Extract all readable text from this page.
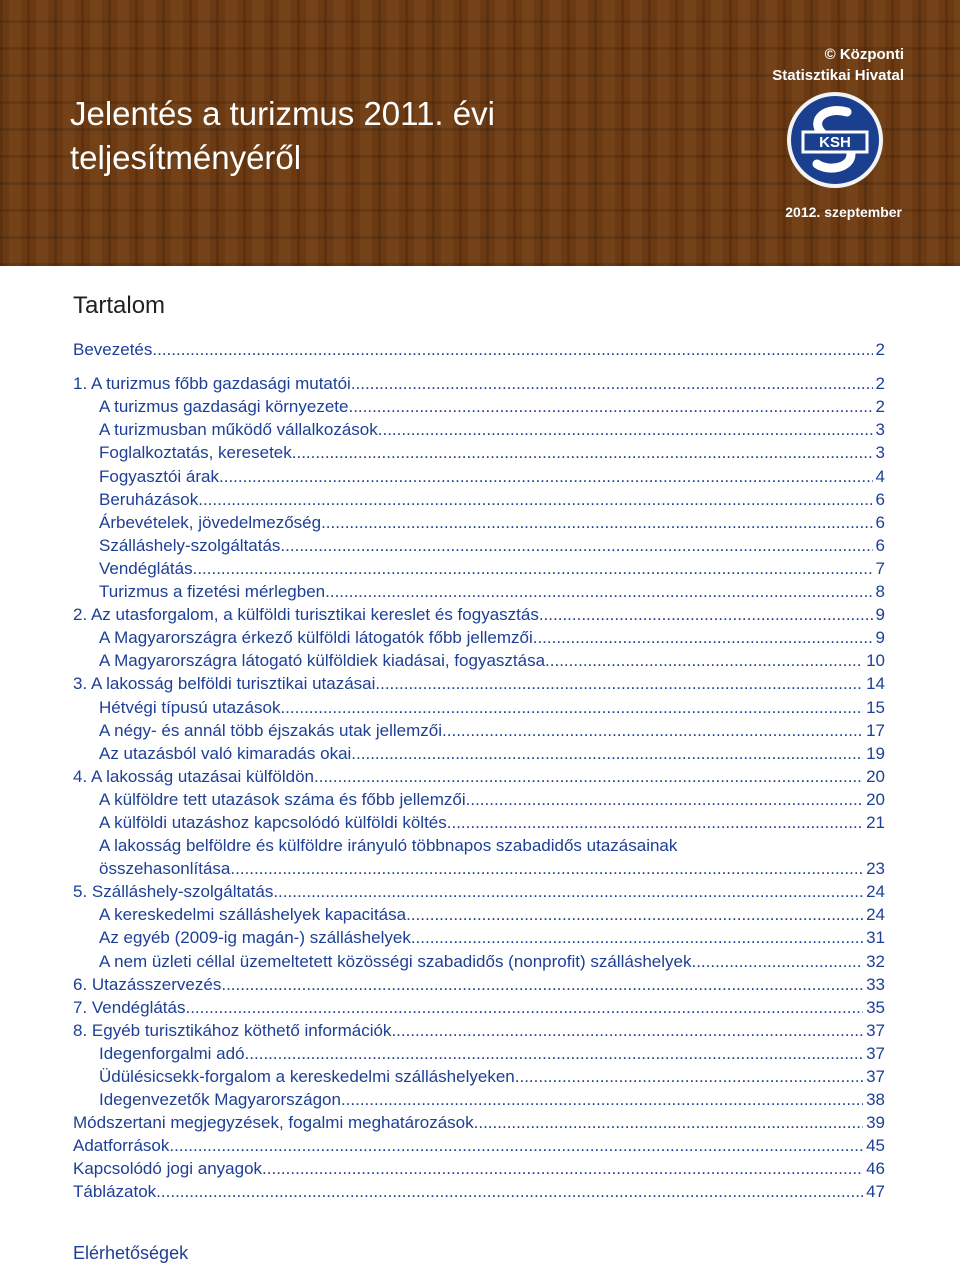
Jelentés a turizmus 2011. évi
teljesítményéről
© Központi
Statisztikai Hivatal
KSH
2012. szeptember
Tartalom
Bevezetés .....	2
1. A turizmus főbb gazdasági mutatói .....	2
A turizmus gazdasági környezete .....	2
A turizmusban működő vállalkozások .....	3
Foglalkoztatás, keresetek .....	3
Fogyasztói árak .....	4
Beruházások .....	6
Árbevételek, jövedelmezőség .....	6
Szálláshely-szolgáltatás .....	6
Vendéglátás .....	7
Turizmus a fizetési mérlegben .....	8
2. Az utasforgalom, a külföldi turisztikai kereslet és fogyasztás .....	9
A Magyarországra érkező külföldi látogatók főbb jellemzői .....	9
A Magyarországra látogató külföldiek kiadásai, fogyasztása .....	10
3. A lakosság belföldi turisztikai utazásai .....	14
Hétvégi típusú utazások .....	15
A négy- és annál több éjszakás utak jellemzői .....	17
Az utazásból való kimaradás okai .....	19
4. A lakosság utazásai külföldön .....	20
A külföldre tett utazások száma és főbb jellemzői .....	20
A külföldi utazáshoz kapcsolódó külföldi költés .....	21
A lakosság belföldre és külföldre irányuló többnapos szabadidős utazásainak
összehasonlítása .....	23
5. Szálláshely-szolgáltatás .....	24
A kereskedelmi szálláshelyek kapacitása .....	24
Az egyéb (2009-ig magán-) szálláshelyek .....	31
A nem üzleti céllal üzemeltetett közösségi szabadidős (nonprofit) szálláshelyek .....	32
6. Utazásszervezés .....	33
7. Vendéglátás .....	35
8. Egyéb turisztikához köthető információk .....	37
Idegenforgalmi adó .....	37
Üdülésicsekk-forgalom a kereskedelmi szálláshelyeken .....	37
Idegenvezetők Magyarországon .....	38
Módszertani megjegyzések, fogalmi meghatározások .....	39
Adatforrások .....	45
Kapcsolódó jogi anyagok .....	46
Táblázatok .....	47
Elérhetőségek
